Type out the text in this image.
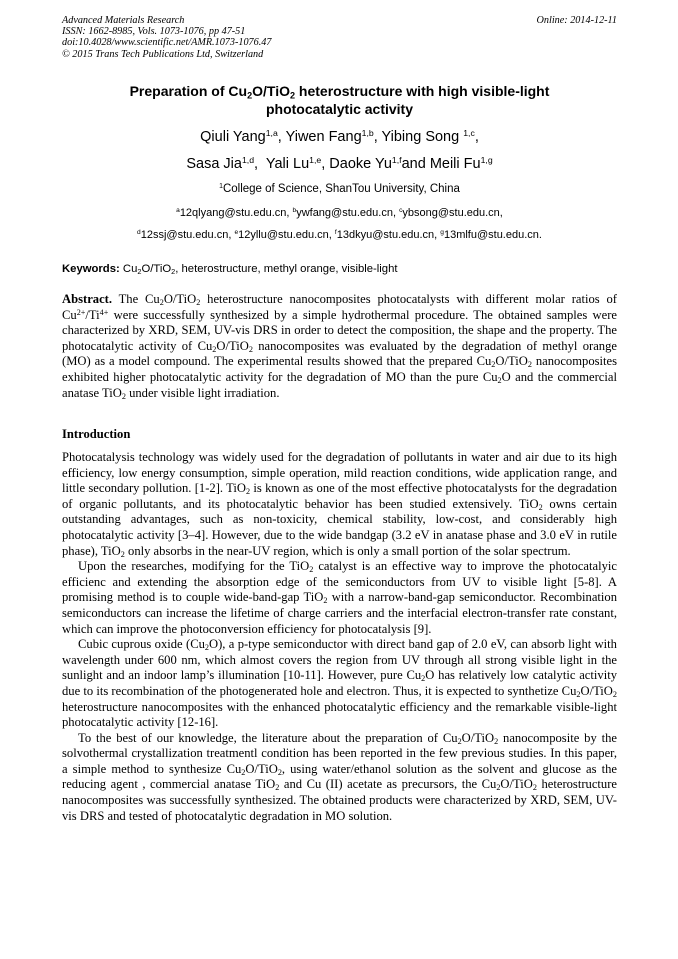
Advanced Materials Research
ISSN: 1662-8985, Vols. 1073-1076, pp 47-51
doi:10.4028/www.scientific.net/AMR.1073-1076.47
© 2015 Trans Tech Publications Ltd, Switzerland
Online: 2014-12-11
Preparation of $Cu_2O/TiO_2$ heterostructure with high visible-light
photocatalytic activity
Qiuli Yang$^{1,a}$, Yiwen Fang$^{1,b}$, Yibing Song $^{1,c}$,
Sasa Jia$^{1,d}$,  Yali Lu$^{1,e}$, Daoke Yu$^{1,f}$and Meili Fu$^{1,g}$
$^1$College of Science, ShanTou University, China
$^a$12qlyang@stu.edu.cn, $^b$ywfang@stu.edu.cn, $^c$ybsong@stu.edu.cn,
$^d$12ssj@stu.edu.cn, $^e$12yllu@stu.edu.cn, $^f$13dkyu@stu.edu.cn, $^g$13mlfu@stu.edu.cn.
Keywords: $Cu_2O/TiO_2$, heterostructure, methyl orange, visible-light
Abstract. The $Cu_2O/TiO_2$ heterostructure nanocomposites photocatalysts with different molar ratios of $Cu^{2+}/Ti^{4+}$ were successfully synthesized by a simple hydrothermal procedure. The obtained samples were characterized by XRD, SEM, UV-vis DRS in order to detect the composition, the shape and the property. The photocatalytic activity of $Cu_2O/TiO_2$ nanocomposites was evaluated by the degradation of methyl orange (MO) as a model compound. The experimental results showed that the prepared $Cu_2O/TiO_2$ nanocomposites exhibited higher photocatalytic activity for the degradation of MO than the pure $Cu_2O$ and the commercial anatase TiO$_2$ under visible light irradiation.
Introduction

Photocatalysis technology was widely used for the degradation of pollutants in water and air due to its high efficiency, low energy consumption, simple operation, mild reaction conditions, wide application range, and little secondary pollution. [1-2]. TiO$_2$ is known as one of the most effective photocatalysts for the degradation of organic pollutants, and its photocatalytic behavior has been studied extensively. TiO$_2$ owns certain outstanding advantages, such as non-toxicity, chemical stability, low-cost, and considerably high photocatalytic activity [3–4]. However, due to the wide bandgap (3.2 eV in anatase phase and 3.0 eV in rutile phase), TiO$_2$ only absorbs in the near-UV region, which is only a small portion of the solar spectrum.

Upon the researches, modifying for the TiO$_2$ catalyst is an effective way to improve the photocatalyic efficienc and extending the absorption edge of the semiconductors from UV to visible light [5-8]. A promising method is to couple wide-band-gap TiO$_2$ with a narrow-band-gap semiconductor. Recombination semiconductors can increase the lifetime of charge carriers and the interfacial electron-transfer rate constant, which can improve the photoconversion efficiency for photocatalysis [9].

Cubic cuprous oxide $(Cu_2O)$, a p-type semiconductor with direct band gap of 2.0 eV, can absorb light with wavelength under 600 nm, which almost covers the region from UV through all strong visible light in the sunlight and an indoor lamp’s illumination [10-11]. However, pure $Cu_2O$ has relatively low catalytic activity due to its recombination of the photogenerated hole and electron. Thus, it is expected to synthetize $Cu_2O/TiO_2$ heterostructure nanocomposites with the enhanced photocatalytic efficiency and the remarkable visible-light photocatalytic activity [12-16].

To the best of our knowledge, the literature about the preparation of $Cu_2O/TiO_2$ nanocomposite by the solvothermal crystallization treatmentl condition has been reported in the few previous studies. In this paper, a simple method to synthesize $Cu_2O/TiO_2$, using water/ethanol solution as the solvent and glucose as the reducing agent , commercial anatase TiO$_2$ and Cu (II) acetate as precursors, the $Cu_2O/TiO_2$ heterostructure nanocomposites was successfully synthesized. The obtained products were characterized by XRD, SEM, UV-vis DRS and tested of photocatalytic degradation in MO solution.
